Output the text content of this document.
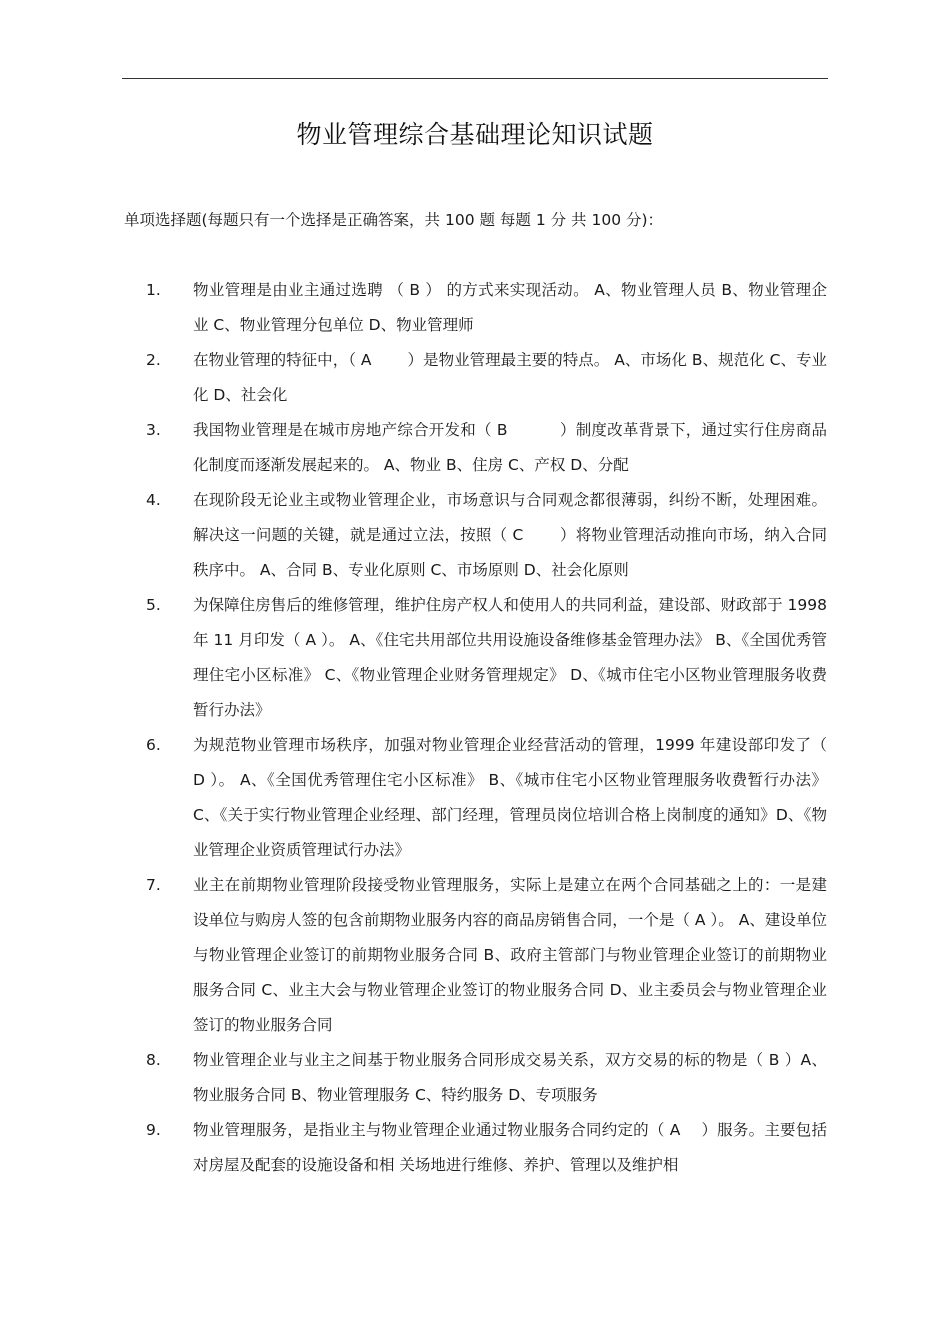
物业管理综合基础理论知识试题
单项选择题(每题只有一个选择是正确答案，共 100 题 每题 1 分 共 100 分)：
1.	物业管理是由业主通过选聘 （ B ） 的方式来实现活动。 A、物业管理人员 B、物业管理企业 C、物业管理分包单位 D、物业管理师
2.	在物业管理的特征中，（ A　　 ）是物业管理最主要的特点。 A、市场化 B、规范化 C、专业化 D、社会化
3.	我国物业管理是在城市房地产综合开发和（ B　　　 ）制度改革背景下，通过实行住房商品化制度而逐渐发展起来的。 A、物业 B、住房 C、产权 D、分配
4.	在现阶段无论业主或物业管理企业，市场意识与合同观念都很薄弱，纠纷不断，处理困难。解决这一问题的关键，就是通过立法，按照（ C　　 ）将物业管理活动推向市场，纳入合同秩序中。 A、合同 B、专业化原则 C、市场原则 D、社会化原则
5.	为保障住房售后的维修管理，维护住房产权人和使用人的共同利益，建设部、财政部于 1998 年 11 月印发（ A ）。 A、《住宅共用部位共用设施设备维修基金管理办法》 B、《全国优秀管理住宅小区标准》 C、《物业管理企业财务管理规定》 D、《城市住宅小区物业管理服务收费暂行办法》
6.	为规范物业管理市场秩序，加强对物业管理企业经营活动的管理，1999 年建设部印发了（ D ）。 A、《全国优秀管理住宅小区标准》 B、《城市住宅小区物业管理服务收费暂行办法》 C、《关于实行物业管理企业经理、部门经理，管理员岗位培训合格上岗制度的通知》D、《物业管理企业资质管理试行办法》
7.	业主在前期物业管理阶段接受物业管理服务，实际上是建立在两个合同基础之上的：一是建设单位与购房人签的包含前期物业服务内容的商品房销售合同，一个是（ A ）。 A、建设单位与物业管理企业签订的前期物业服务合同 B、政府主管部门与物业管理企业签订的前期物业服务合同 C、业主大会与物业管理企业签订的物业服务合同 D、业主委员会与物业管理企业签订的物业服务合同
8.	物业管理企业与业主之间基于物业服务合同形成交易关系，双方交易的标的物是（ B ）A、物业服务合同 B、物业管理服务 C、特约服务 D、专项服务
9.	物业管理服务，是指业主与物业管理企业通过物业服务合同约定的（ A　 ）服务。主要包括对房屋及配套的设施设备和相 关场地进行维修、养护、管理以及维护相
